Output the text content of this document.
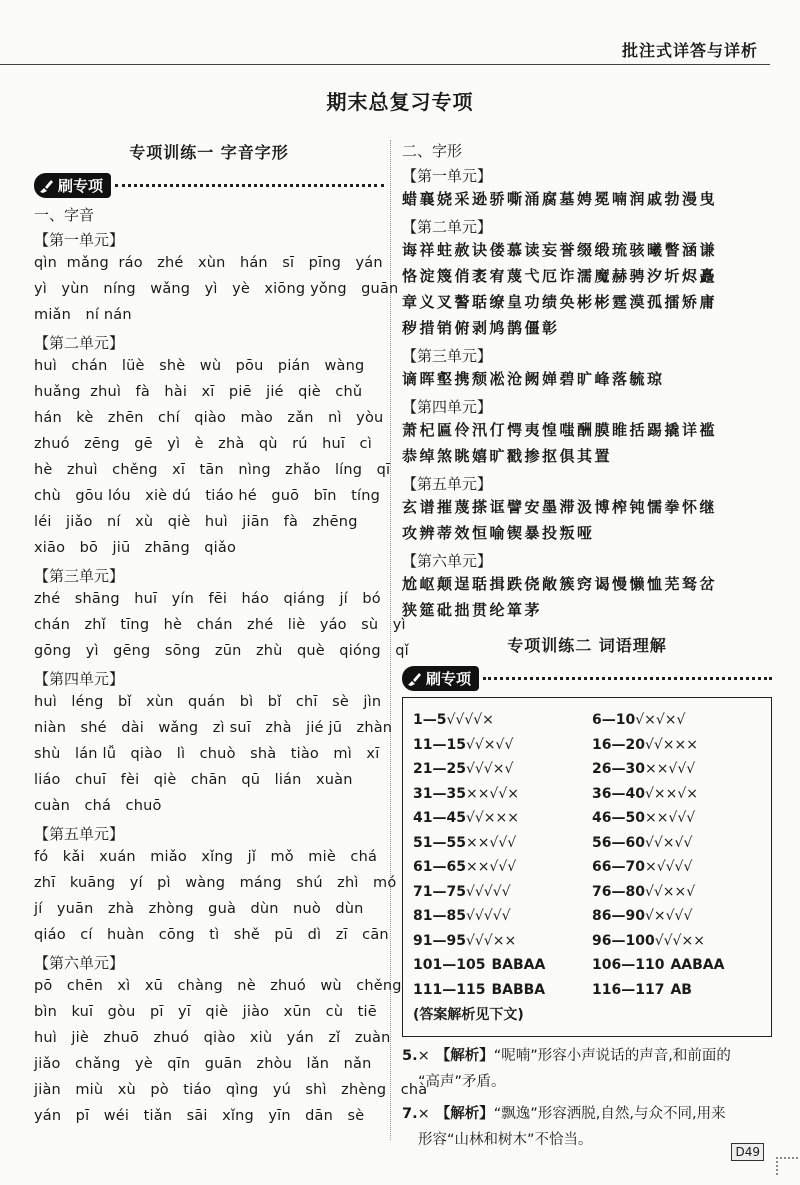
批注式详答与详析
期末总复习专项
专项训练一 字音字形
刷专项
一、字音
【第一单元】
qìn  mǎng  ráo   zhé   xùn   hán   sī   pīng   yán
yì   yùn   níng   wǎng   yì   yè   xiōng yǒng   guān
miǎn   ní nán
【第二单元】
huì   chán   lüè   shè   wù   pōu   pián   wàng
huǎng  zhuì   fà   hài   xī   piē   jié   qiè   chǔ
hán   kè   zhēn   chí   qiào   mào   zǎn   nì   yòu
zhuó   zēng   gē   yì   è   zhà   qù   rú   huī   cì
hè   zhuì   chěng   xī   tān   nìng   zhǎo   líng   qī
chù   gōu lóu   xiè dú   tiáo hé   guō   bīn   tíng
léi   jiǎo   ní   xù   qiè   huì   jiān   fà   zhēng
xiāo   bō   jiū   zhāng   qiǎo
【第三单元】
zhé   shāng   huī   yín   fēi   háo   qiáng   jí   bó
chán   zhǐ   tīng   hè   chán   zhé   liè   yáo   sù   yì
gōng   yì   gēng   sōng   zūn   zhù   què   qióng   qǐ
【第四单元】
huì   léng   bǐ   xùn   quán   bì   bǐ   chī   sè   jìn
niàn   shé   dài   wǎng   zì suī   zhà   jié jū   zhàn
shù   lán lǚ   qiào   lì   chuò   shà   tiào   mì   xī
liáo   chuī   fèi   qiè   chān   qū   lián   xuàn
cuàn   chá   chuō
【第五单元】
fó   kǎi   xuán   miǎo   xǐng   jǐ   mǒ   miè   chá
zhī   kuāng   yí   pì   wàng   máng   shú   zhì   mó
jí   yuān   zhà   zhòng   guà   dùn   nuò   dùn
qiáo   cí   huàn   cōng   tì   shě   pū   dì   zī   cān
【第六单元】
pō   chēn   xì   xū   chàng   nè   zhuó   wù   chěng
bìn   kuī   gòu   pī   yī   qiè   jiào   xūn   cù   tiē
huì   jiè   zhuō   zhuó   qiào   xiù   yán   zǐ   zuàn
jiǎo   chǎng   yè   qīn   guān   zhòu   lǎn   nǎn
jiàn   miù   xù   pò   tiáo   qìng   yú   shì   zhèng   chà
yán   pī   wéi   tiǎn   sāi   xǐng   yīn   dān   sè
二、字形
【第一单元】
蜡襄娆采逊骄嘶涌腐墓娉冕喃润戚勃漫曳
【第二单元】
诲祥蛀赦诀偻慕读妄誉缀缎琉骇曦瞥涵谦
恪淀篾俏袤宥蔑弋厄诈濡魔赫骋汐圻烬矗
章义叉謷聒缭皇功绩奂彬彬霆漠孤擂矫庸
秽措销俯剥鸠鹊僵彰
【第三单元】
谪晖壑携颓凇沧阙婵碧旷峰落毓琼
【第四单元】
萧杞匾伶汛仃愕夷惶嗤酬膜睢括踢撬详褴
恭绰煞眺嬉旷戳掺抠俱其置
【第五单元】
玄谱摧蔑搽诓譬安墨滞汲博榨钝懦拳怀继
攻辨蒂效恒喻锲暴投叛哑
【第六单元】
尬岖颠逞聒揖跌侥敞簇窍谒慢懒恤芜驽岔
狭筵砒拙贯纶箪茅
专项训练二 词语理解
刷专项
1—5√√√√×	6—10√×√×√
11—15√√×√√	16—20√√×××
21—25√√√×√	26—30××√√√
31—35××√√×	36—40√××√×
41—45√√×××	46—50××√√√
51—55××√√√	56—60√√×√√
61—65××√√√	66—70×√√√√
71—75√√√√√	76—80√√××√
81—85√√√√√	86—90√×√√√
91—95√√√××	96—100√√√××
101—105 BABAA	106—110 AABAA
111—115 BABBA	116—117 AB
(答案解析见下文)
5.× 【解析】“呢喃”形容小声说话的声音,和前面的
“高声”矛盾。
7.× 【解析】“飘逸”形容洒脱,自然,与众不同,用来
形容“山林和树木”不恰当。
D49
